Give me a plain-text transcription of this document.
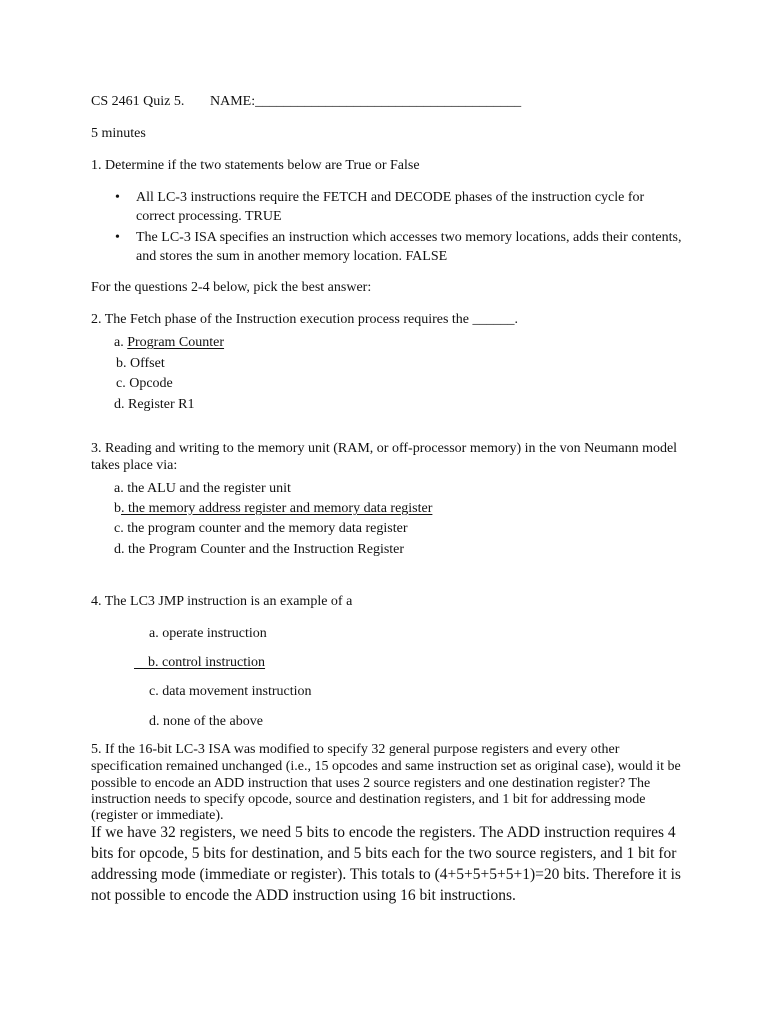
CS 2461 Quiz 5. NAME:______________________________________
5 minutes
1. Determine if the two statements below are True or False
• All LC-3 instructions require the FETCH and DECODE phases of the instruction cycle for
correct processing. TRUE
• The LC-3 ISA specifies an instruction which accesses two memory locations, adds their contents,
and stores the sum in another memory location. FALSE
For the questions 2-4 below, pick the best answer:
2. The Fetch phase of the Instruction execution process requires the ______.
a. Program Counter
b. Offset
c. Opcode
d. Register R1
3. Reading and writing to the memory unit (RAM, or off-processor memory) in the von Neumann model
takes place via:
a. the ALU and the register unit
b. the memory address register and memory data register
c. the program counter and the memory data register
d. the Program Counter and the Instruction Register
4. The LC3 JMP instruction is an example of a
a. operate instruction
b. control instruction
c. data movement instruction
d. none of the above
5. If the 16-bit LC-3 ISA was modified to specify 32 general purpose registers and every other
specification remained unchanged (i.e., 15 opcodes and same instruction set as original case), would it be
possible to encode an ADD instruction that uses 2 source registers and one destination register? The
instruction needs to specify opcode, source and destination registers, and 1 bit for addressing mode
(register or immediate).
If we have 32 registers, we need 5 bits to encode the registers. The ADD instruction requires 4
bits for opcode, 5 bits for destination, and 5 bits each for the two source registers, and 1 bit for
addressing mode (immediate or register). This totals to (4+5+5+5+5+1)=20 bits. Therefore it is
not possible to encode the ADD instruction using 16 bit instructions.
